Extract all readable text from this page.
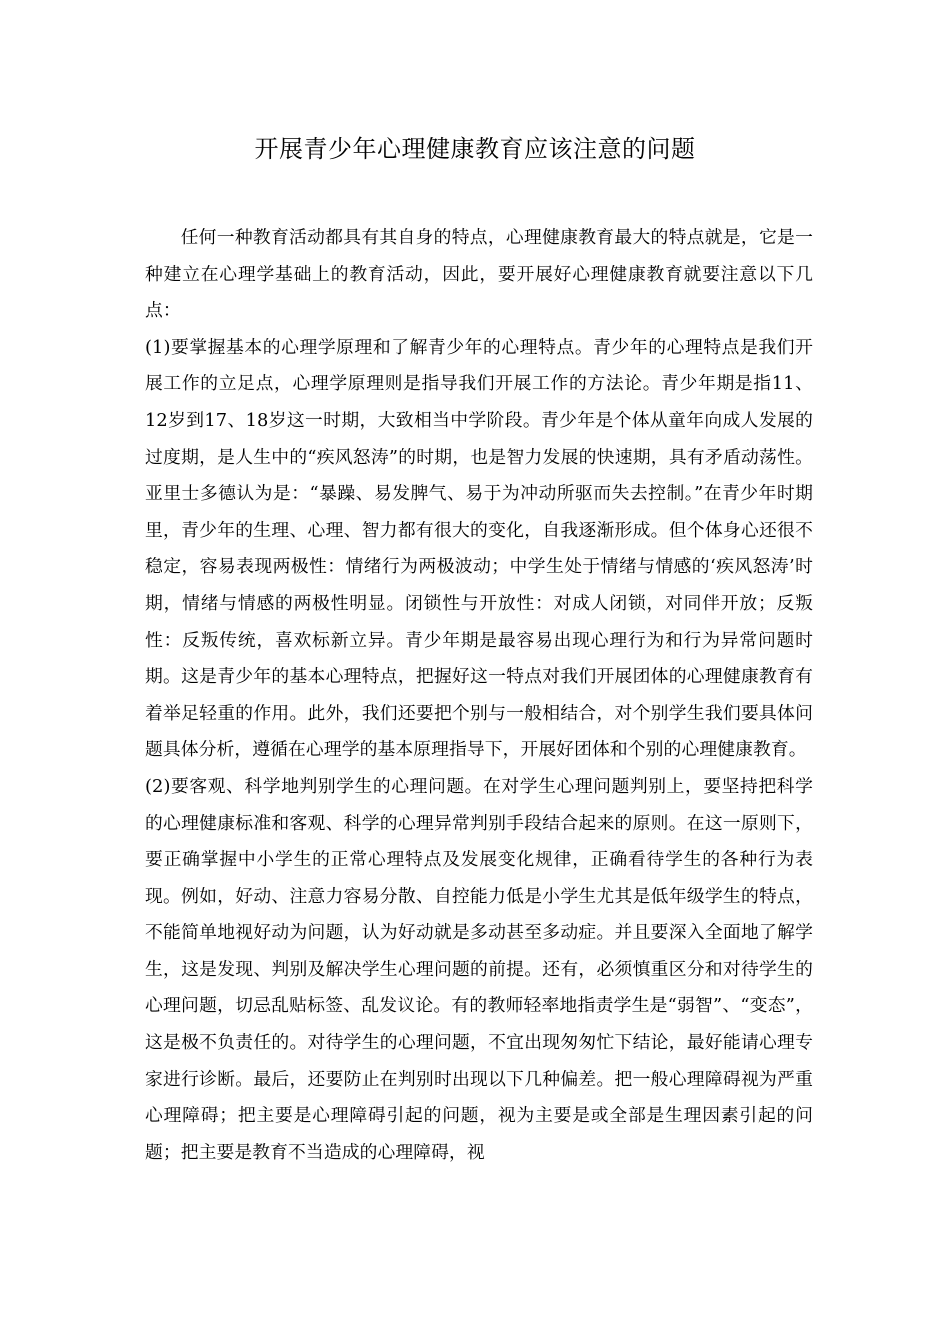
开展青少年心理健康教育应该注意的问题

任何一种教育活动都具有其自身的特点，心理健康教育最大的特点就是，它是一种建立在心理学基础上的教育活动，因此，要开展好心理健康教育就要注意以下几点：

(1)要掌握基本的心理学原理和了解青少年的心理特点。青少年的心理特点是我们开展工作的立足点，心理学原理则是指导我们开展工作的方法论。青少年期是指11、12岁到17、18岁这一时期，大致相当中学阶段。青少年是个体从童年向成人发展的过度期，是人生中的“疾风怒涛”的时期，也是智力发展的快速期，具有矛盾动荡性。亚里士多德认为是：“暴躁、易发脾气、易于为冲动所驱而失去控制。”在青少年时期里，青少年的生理、心理、智力都有很大的变化，自我逐渐形成。但个体身心还很不稳定，容易表现两极性：情绪行为两极波动；中学生处于情绪与情感的‘疾风怒涛’时期，情绪与情感的两极性明显。闭锁性与开放性：对成人闭锁，对同伴开放；反叛性：反叛传统，喜欢标新立异。青少年期是最容易出现心理行为和行为异常问题时期。这是青少年的基本心理特点，把握好这一特点对我们开展团体的心理健康教育有着举足轻重的作用。此外，我们还要把个别与一般相结合，对个别学生我们要具体问题具体分析，遵循在心理学的基本原理指导下，开展好团体和个别的心理健康教育。

(2)要客观、科学地判别学生的心理问题。在对学生心理问题判别上，要坚持把科学的心理健康标准和客观、科学的心理异常判别手段结合起来的原则。在这一原则下，要正确掌握中小学生的正常心理特点及发展变化规律，正确看待学生的各种行为表现。例如，好动、注意力容易分散、自控能力低是小学生尤其是低年级学生的特点，不能简单地视好动为问题，认为好动就是多动甚至多动症。并且要深入全面地了解学生，这是发现、判别及解决学生心理问题的前提。还有，必须慎重区分和对待学生的心理问题，切忌乱贴标签、乱发议论。有的教师轻率地指责学生是“弱智”、“变态”，这是极不负责任的。对待学生的心理问题，不宜出现匆匆忙下结论，最好能请心理专家进行诊断。最后，还要防止在判别时出现以下几种偏差。把一般心理障碍视为严重心理障碍；把主要是心理障碍引起的问题，视为主要是或全部是生理因素引起的问题；把主要是教育不当造成的心理障碍，视
